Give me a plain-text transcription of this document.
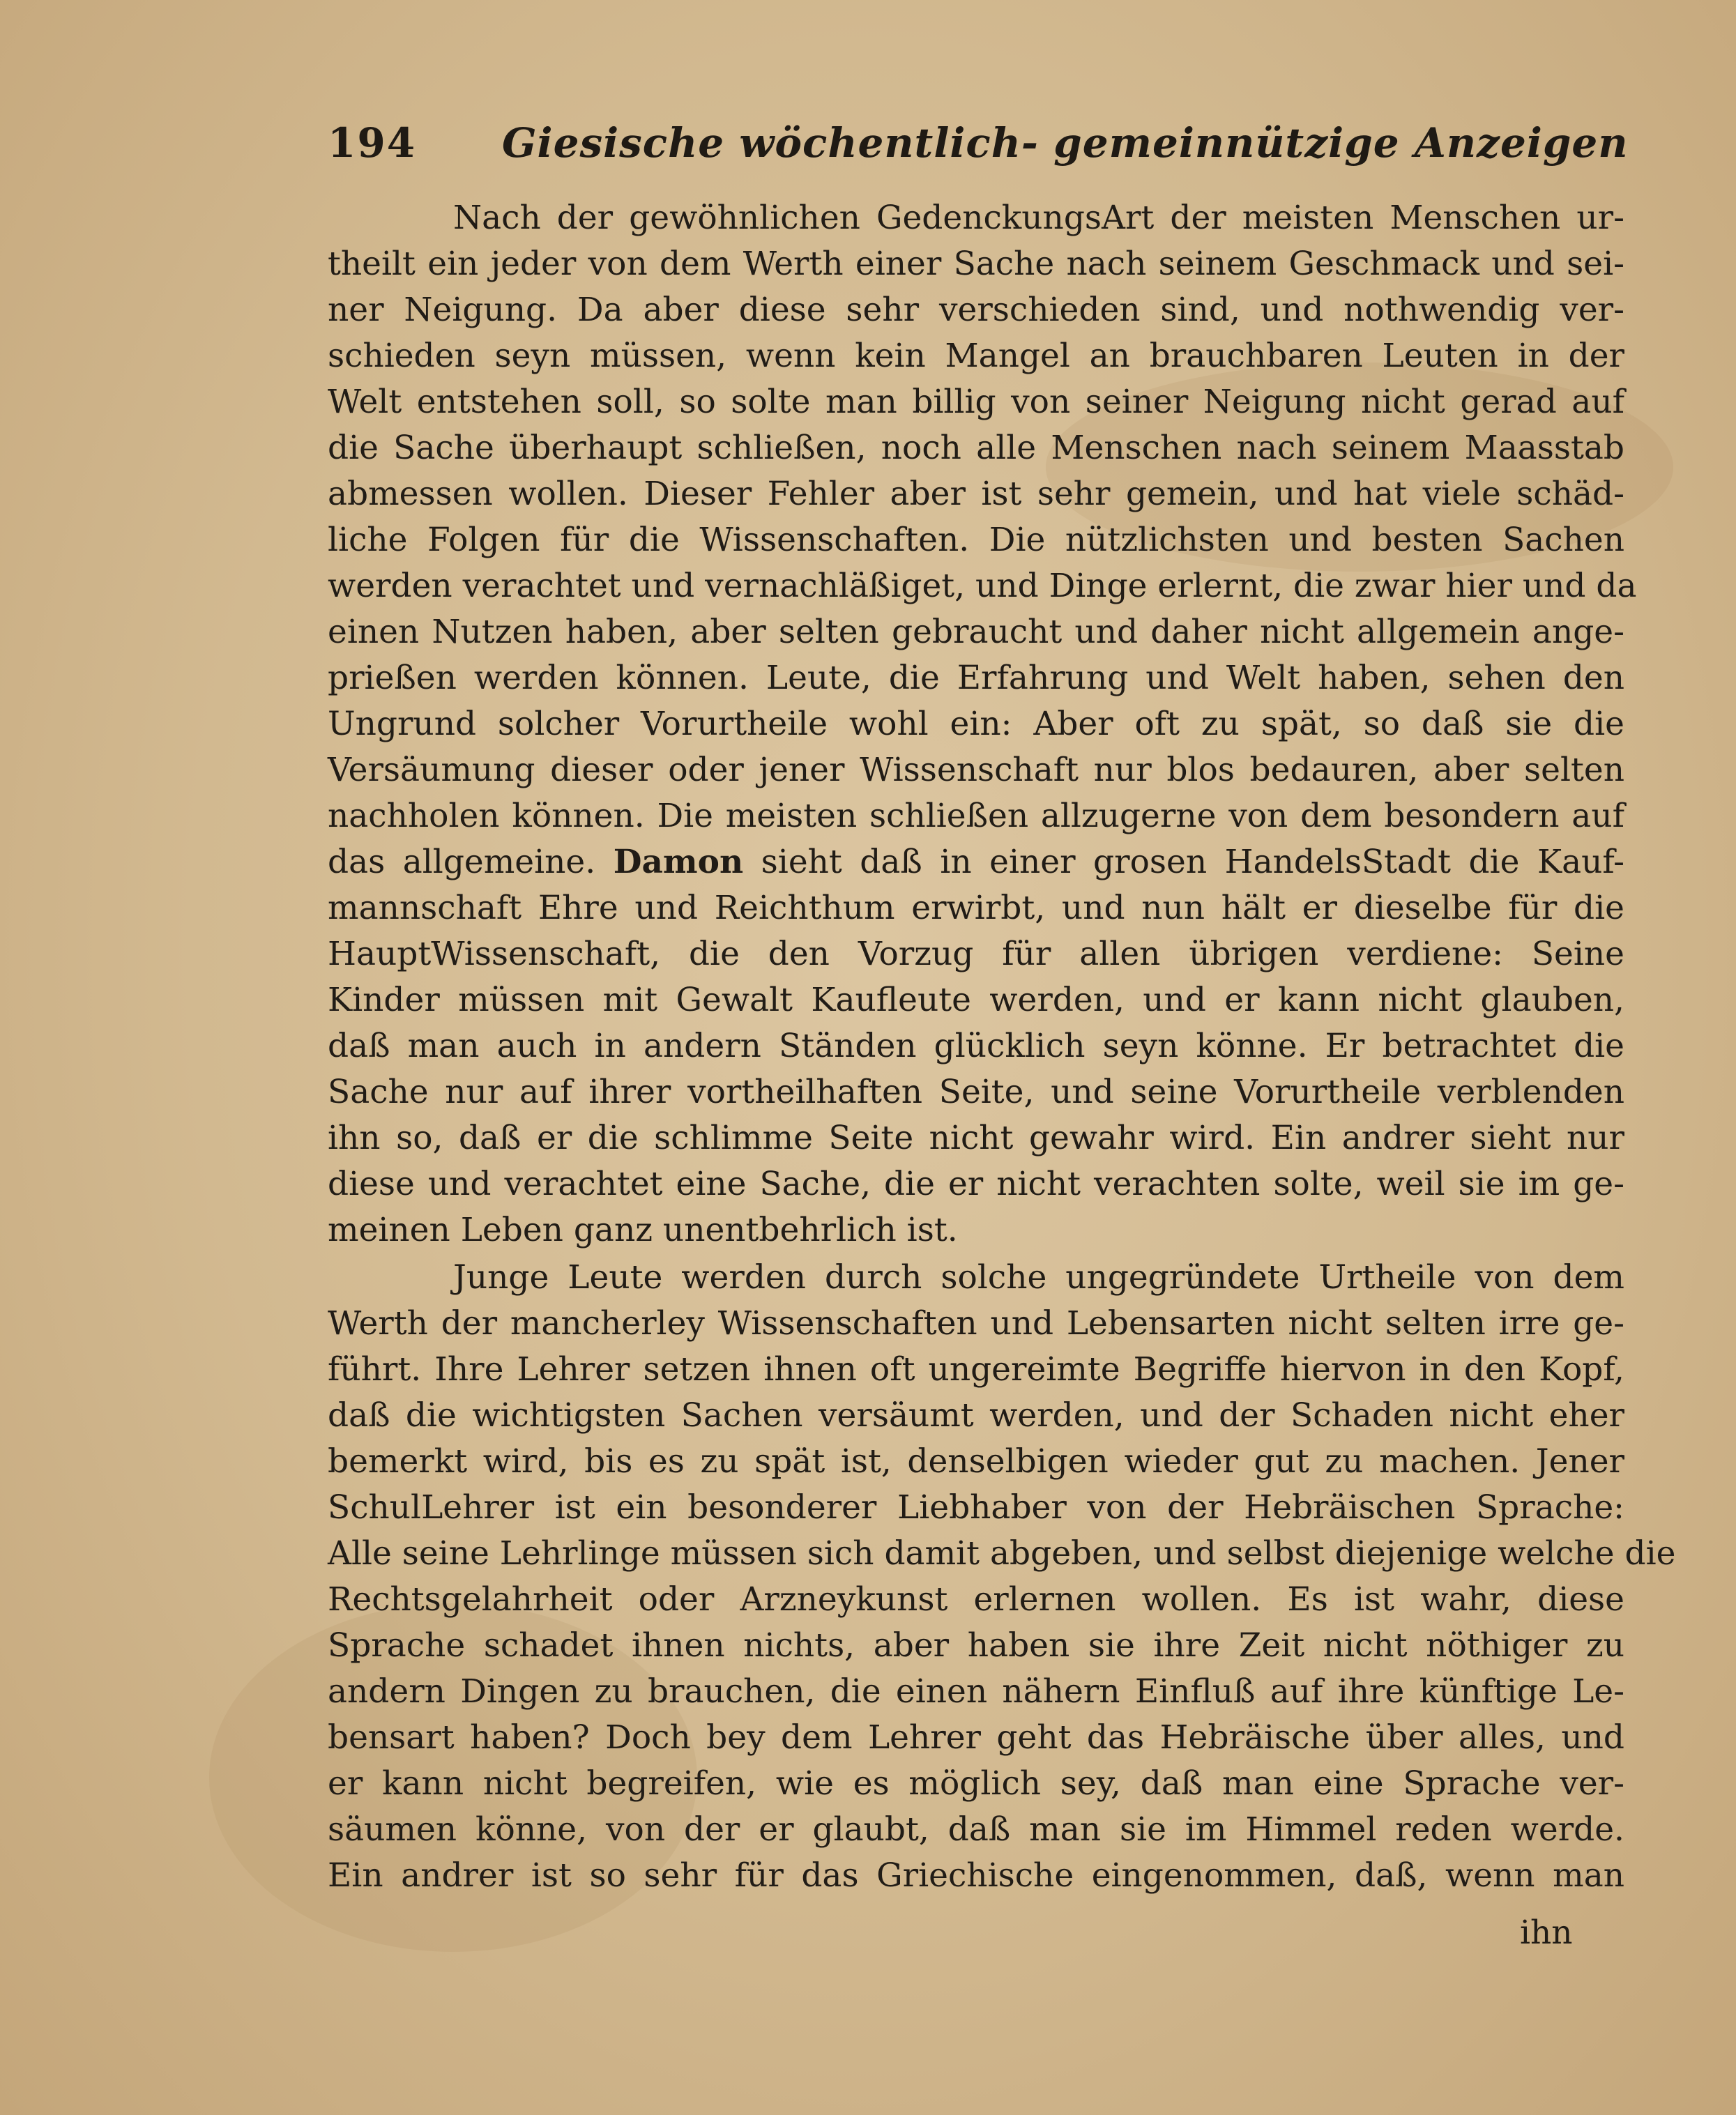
194 Giesische wöchentlich- gemeinnützige Anzeigen
Nach der gewöhnlichen GedenckungsArt der meisten Menschen ur-
theilt ein jeder von dem Werth einer Sache nach seinem Geschmack und sei-
ner Neigung. Da aber diese sehr verschieden sind, und nothwendig ver-
schieden seyn müssen, wenn kein Mangel an brauchbaren Leuten in der
Welt entstehen soll, so solte man billig von seiner Neigung nicht gerad auf
die Sache überhaupt schließen, noch alle Menschen nach seinem Maasstab
abmessen wollen. Dieser Fehler aber ist sehr gemein, und hat viele schäd-
liche Folgen für die Wissenschaften. Die nützlichsten und besten Sachen
werden verachtet und vernachläßiget, und Dinge erlernt, die zwar hier und da
einen Nutzen haben, aber selten gebraucht und daher nicht allgemein ange-
prießen werden können. Leute, die Erfahrung und Welt haben, sehen den
Ungrund solcher Vorurtheile wohl ein: Aber oft zu spät, so daß sie die
Versäumung dieser oder jener Wissenschaft nur blos bedauren, aber selten
nachholen können. Die meisten schließen allzugerne von dem besondern auf
das allgemeine. Damon sieht daß in einer grosen HandelsStadt die Kauf-
mannschaft Ehre und Reichthum erwirbt, und nun hält er dieselbe für die
HauptWissenschaft, die den Vorzug für allen übrigen verdiene: Seine
Kinder müssen mit Gewalt Kaufleute werden, und er kann nicht glauben,
daß man auch in andern Ständen glücklich seyn könne. Er betrachtet die
Sache nur auf ihrer vortheilhaften Seite, und seine Vorurtheile verblenden
ihn so, daß er die schlimme Seite nicht gewahr wird. Ein andrer sieht nur
diese und verachtet eine Sache, die er nicht verachten solte, weil sie im ge-
meinen Leben ganz unentbehrlich ist.
Junge Leute werden durch solche ungegründete Urtheile von dem
Werth der mancherley Wissenschaften und Lebensarten nicht selten irre ge-
führt. Ihre Lehrer setzen ihnen oft ungereimte Begriffe hiervon in den Kopf,
daß die wichtigsten Sachen versäumt werden, und der Schaden nicht eher
bemerkt wird, bis es zu spät ist, denselbigen wieder gut zu machen. Jener
SchulLehrer ist ein besonderer Liebhaber von der Hebräischen Sprache:
Alle seine Lehrlinge müssen sich damit abgeben, und selbst diejenige welche die
Rechtsgelahrheit oder Arzneykunst erlernen wollen. Es ist wahr, diese
Sprache schadet ihnen nichts, aber haben sie ihre Zeit nicht nöthiger zu
andern Dingen zu brauchen, die einen nähern Einfluß auf ihre künftige Le-
bensart haben? Doch bey dem Lehrer geht das Hebräische über alles, und
er kann nicht begreifen, wie es möglich sey, daß man eine Sprache ver-
säumen könne, von der er glaubt, daß man sie im Himmel reden werde.
Ein andrer ist so sehr für das Griechische eingenommen, daß, wenn man
ihn
